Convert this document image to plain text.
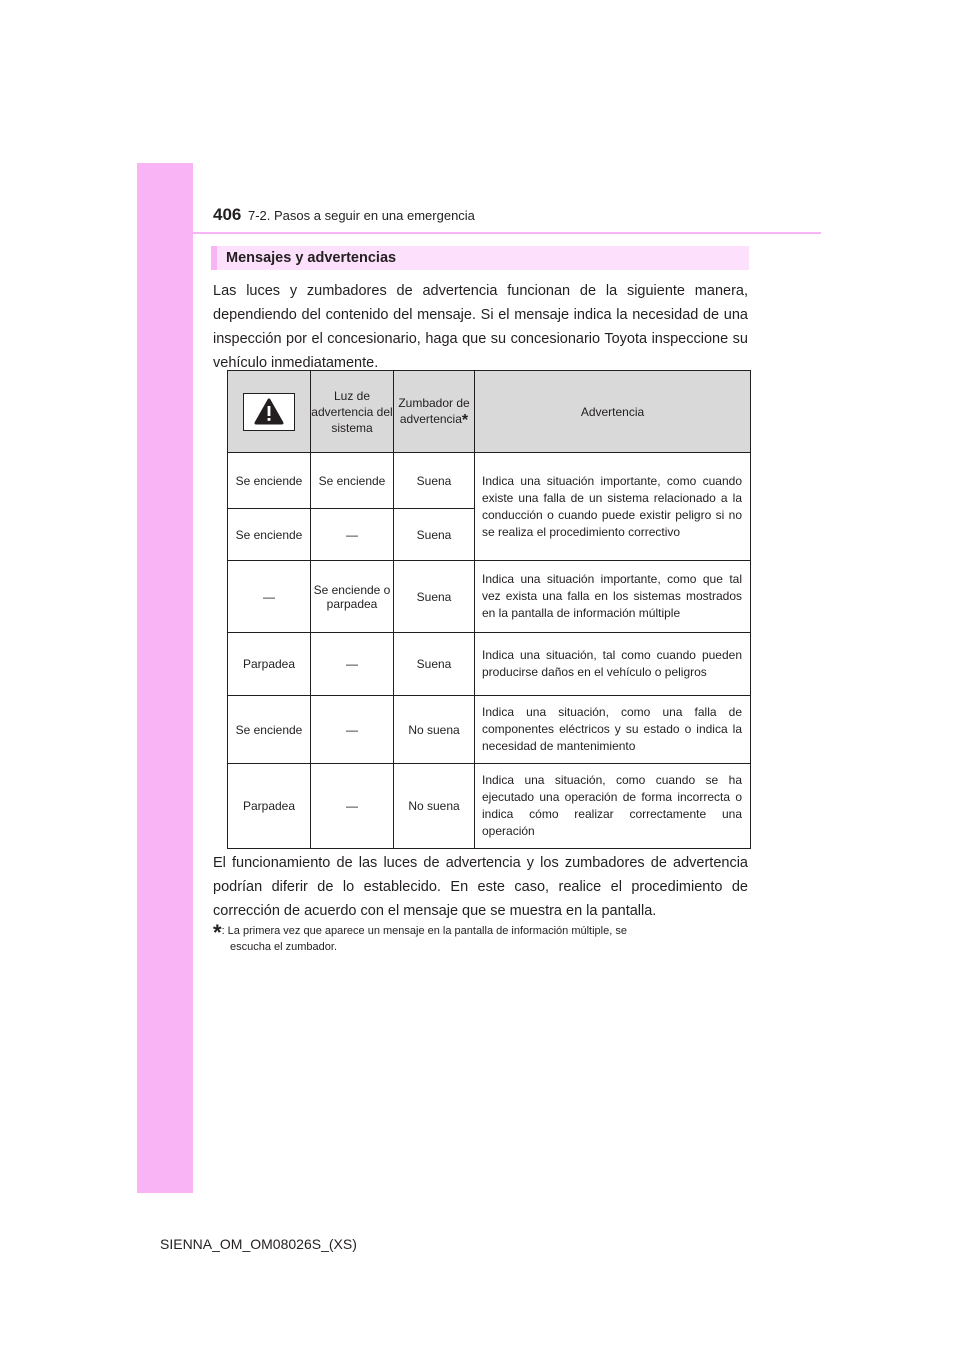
406 7-2. Pasos a seguir en una emergencia
Mensajes y advertencias

Las luces y zumbadores de advertencia funcionan de la siguiente manera, dependiendo del contenido del mensaje. Si el mensaje indica la necesidad de una inspección por el concesionario, haga que su concesionario Toyota inspeccione su vehículo inmediatamente.

	Luz de advertencia del sistema	Zumbador de advertencia*	Advertencia
Se enciende	Se enciende	Suena	Indica una situación importante, como cuando existe una falla de un sistema relacionado a la conducción o cuando puede existir peligro si no se realiza el procedimiento correctivo
Se enciende	—	Suena	
—	Se enciende o parpadea	Suena	Indica una situación importante, como que tal vez exista una falla en los sistemas mostrados en la pantalla de información múltiple
Parpadea	—	Suena	Indica una situación, tal como cuando pueden producirse daños en el vehículo o peligros
Se enciende	—	No suena	Indica una situación, como una falla de componentes eléctricos y su estado o indica la necesidad de mantenimiento
Parpadea	—	No suena	Indica una situación, como cuando se ha ejecutado una operación de forma incorrecta o indica cómo realizar correctamente una operación

El funcionamiento de las luces de advertencia y los zumbadores de advertencia podrían diferir de lo establecido. En este caso, realice el procedimiento de corrección de acuerdo con el mensaje que se muestra en la pantalla.

*: La primera vez que aparece un mensaje en la pantalla de información múltiple, se
escucha el zumbador.
SIENNA_OM_OM08026S_(XS)
